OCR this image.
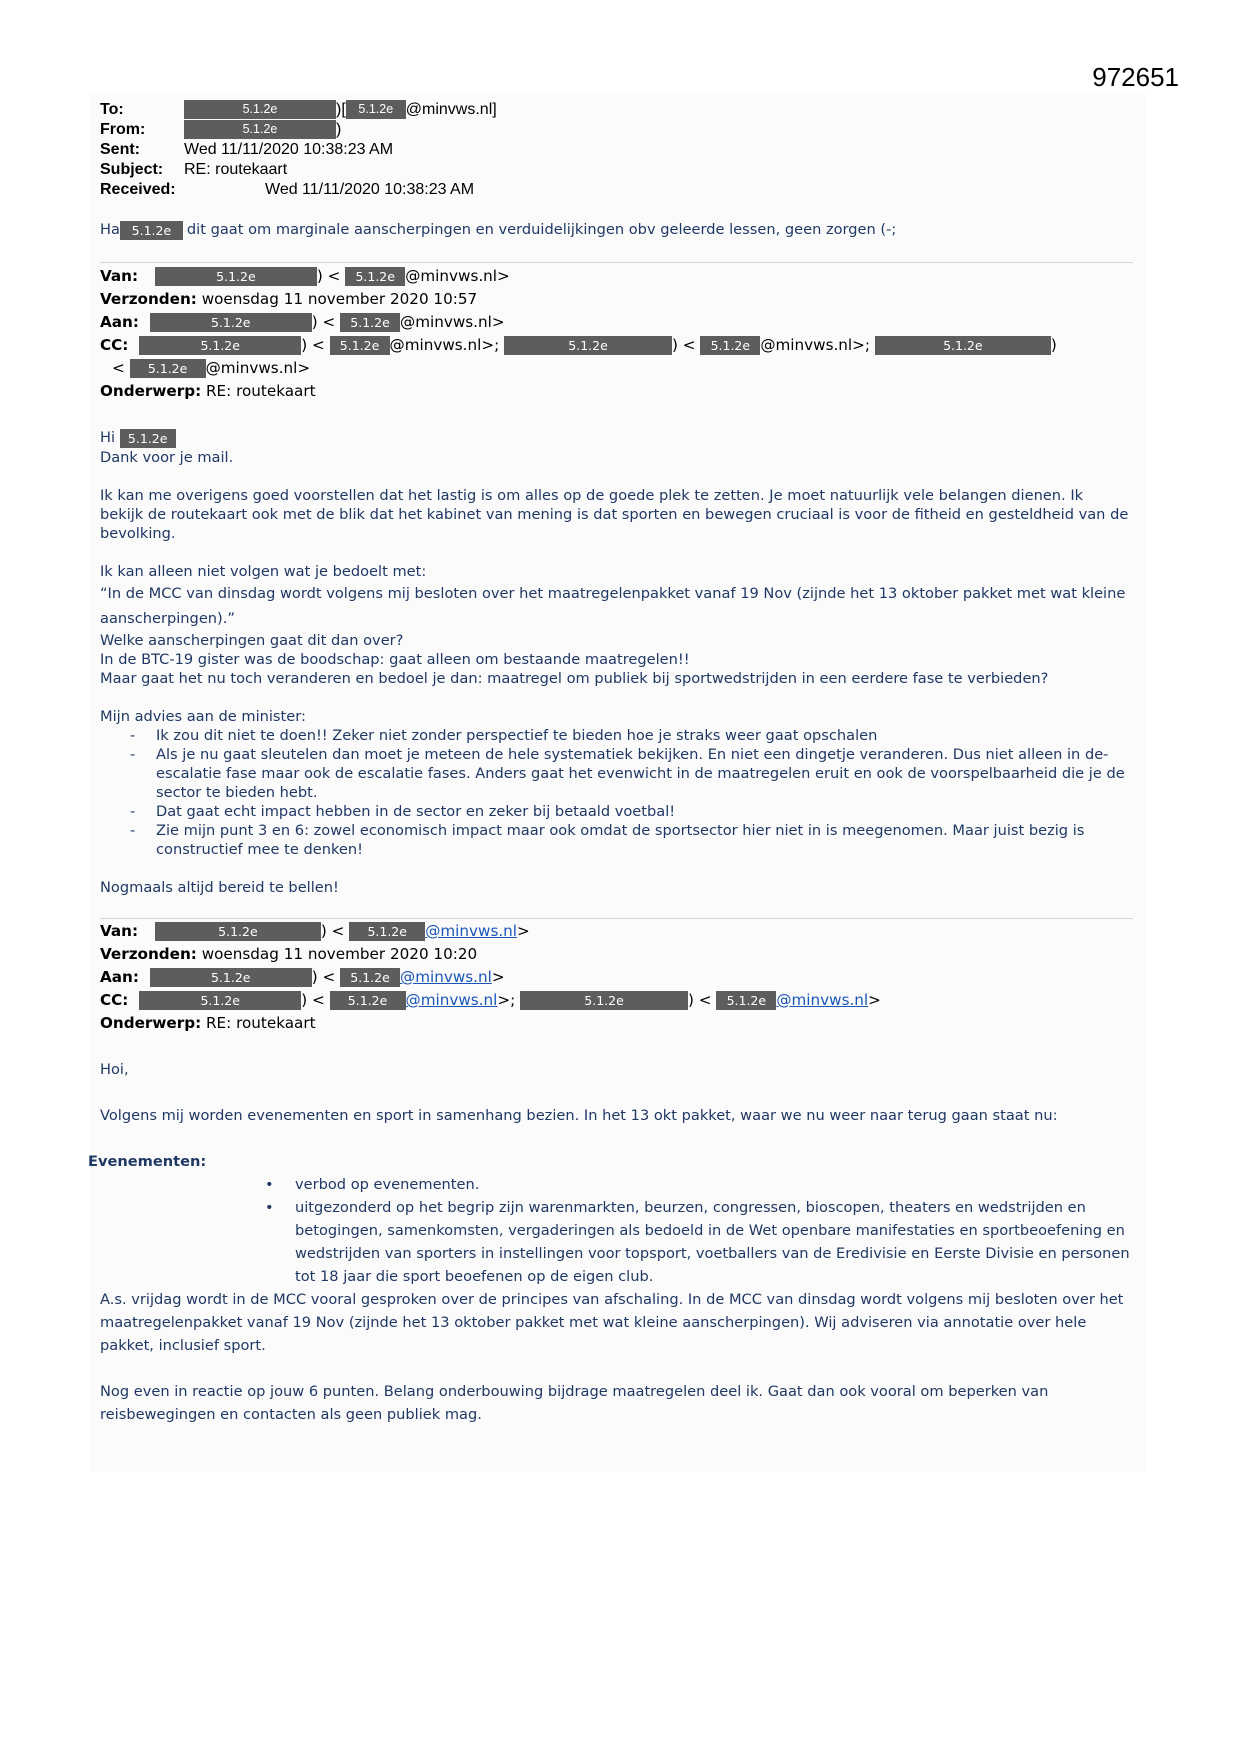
972651
To:	5.1.2e	)[	5.1.2e @minvws.nl]
From:	5.1.2e	)
Sent:	Wed 11/11/2020 10:38:23 AM
Subject:	RE: routekaart
Received:	Wed 11/11/2020 10:38:23 AM
Ha 5.1.2e dit gaat om marginale aanscherpingen en verduidelijkingen obv geleerde lessen, geen zorgen (-;
Van:	5.1.2e	) < 5.1.2e @minvws.nl>
Verzonden: woensdag 11 november 2020 10:57
Aan:	5.1.2e	) < 5.1.2e @minvws.nl>
CC:	5.1.2e	) < 5.1.2e @minvws.nl>;	5.1.2e	) < 5.1.2e @minvws.nl>;	5.1.2e	)
< 5.1.2e @minvws.nl>
Onderwerp: RE: routekaart

Hi 5.1.2e

Dank voor je mail.

Ik kan me overigens goed voorstellen dat het lastig is om alles op de goede plek te zetten. Je moet natuurlijk vele belangen dienen. Ik bekijk de routekaart ook met de blik dat het kabinet van mening is dat sporten en bewegen cruciaal is voor de fitheid en gesteldheid van de bevolking.

Ik kan alleen niet volgen wat je bedoelt met:

“In de MCC van dinsdag wordt volgens mij besloten over het maatregelenpakket vanaf 19 Nov (zijnde het 13 oktober pakket met wat kleine aanscherpingen).”

Welke aanscherpingen gaat dit dan over?

In de BTC-19 gister was de boodschap: gaat alleen om bestaande maatregelen!!

Maar gaat het nu toch veranderen en bedoel je dan: maatregel om publiek bij sportwedstrijden in een eerdere fase te verbieden?

Mijn advies aan de minister:

- Ik zou dit niet te doen!! Zeker niet zonder perspectief te bieden hoe je straks weer gaat opschalen
- Als je nu gaat sleutelen dan moet je meteen de hele systematiek bekijken. En niet een dingetje veranderen. Dus niet alleen in de-escalatie fase maar ook de escalatie fases. Anders gaat het evenwicht in de maatregelen eruit en ook de voorspelbaarheid die je de sector te bieden hebt.
- Dat gaat echt impact hebben in de sector en zeker bij betaald voetbal!
- Zie mijn punt 3 en 6: zowel economisch impact maar ook omdat de sportsector hier niet in is meegenomen. Maar juist bezig is constructief mee te denken!

Nogmaals altijd bereid te bellen!

Van:	5.1.2e	) < 5.1.2e @minvws.nl>
Verzonden: woensdag 11 november 2020 10:20
Aan:	5.1.2e	) < 5.1.2e @minvws.nl>
CC:	5.1.2e	) < 5.1.2e @minvws.nl>;	5.1.2e	) < 5.1.2e @minvws.nl>
Onderwerp: RE: routekaart

Hoi,

Volgens mij worden evenementen en sport in samenhang bezien. In het 13 okt pakket, waar we nu weer naar terug gaan staat nu:

Evenementen:

• verbod op evenementen.
• uitgezonderd op het begrip zijn warenmarkten, beurzen, congressen, bioscopen, theaters en wedstrijden en betogingen, samenkomsten, vergaderingen als bedoeld in de Wet openbare manifestaties en sportbeoefening en wedstrijden van sporters in instellingen voor topsport, voetballers van de Eredivisie en Eerste Divisie en personen tot 18 jaar die sport beoefenen op de eigen club.

A.s. vrijdag wordt in de MCC vooral gesproken over de principes van afschaling. In de MCC van dinsdag wordt volgens mij besloten over het maatregelenpakket vanaf 19 Nov (zijnde het 13 oktober pakket met wat kleine aanscherpingen). Wij adviseren via annotatie over hele pakket, inclusief sport.

Nog even in reactie op jouw 6 punten. Belang onderbouwing bijdrage maatregelen deel ik. Gaat dan ook vooral om beperken van reisbewegingen en contacten als geen publiek mag.
